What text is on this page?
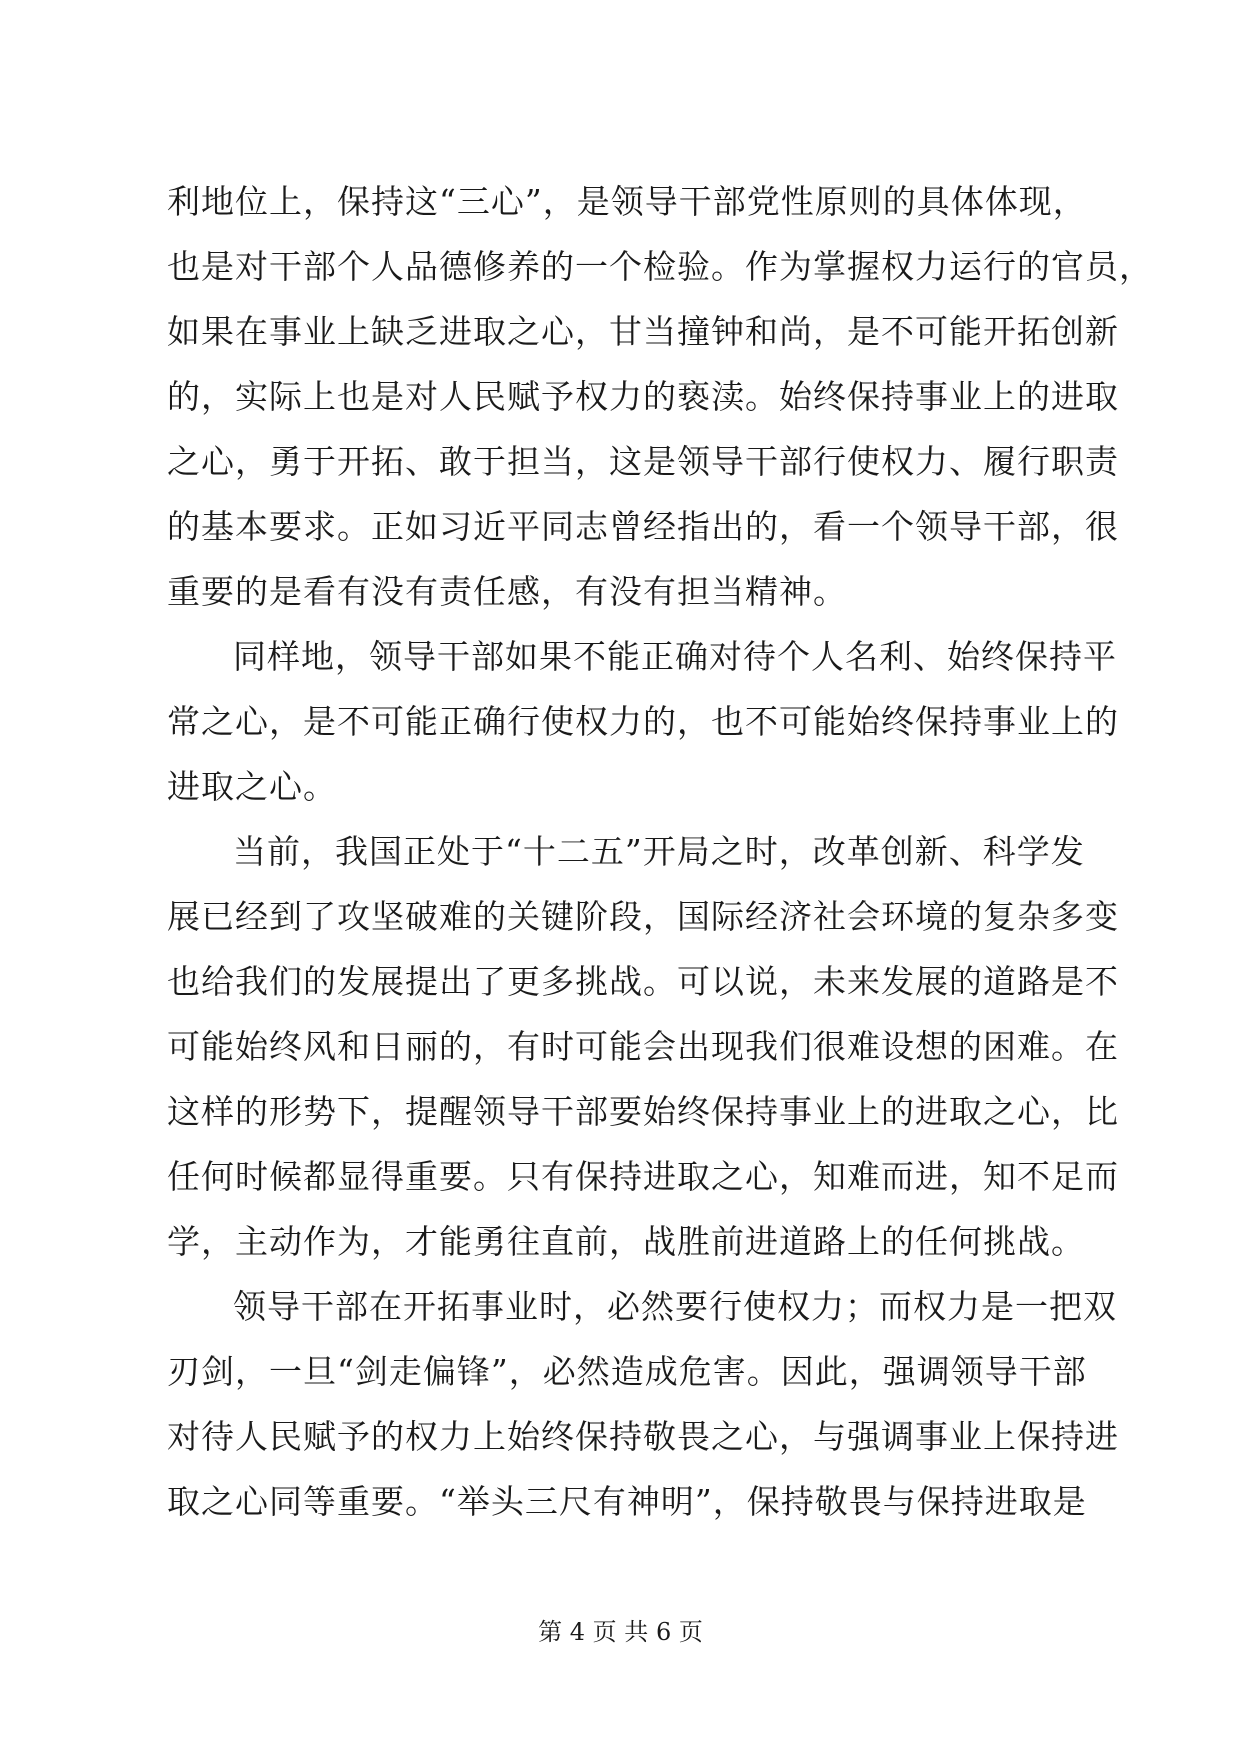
利地位上，保持这“三心”，是领导干部党性原则的具体体现，
也是对干部个人品德修养的一个检验。作为掌握权力运行的官员，
如果在事业上缺乏进取之心，甘当撞钟和尚，是不可能开拓创新
的，实际上也是对人民赋予权力的亵渎。始终保持事业上的进取
之心，勇于开拓、敢于担当，这是领导干部行使权力、履行职责
的基本要求。正如习近平同志曾经指出的，看一个领导干部，很
重要的是看有没有责任感，有没有担当精神。
同样地，领导干部如果不能正确对待个人名利、始终保持平
常之心，是不可能正确行使权力的，也不可能始终保持事业上的
进取之心。
当前，我国正处于“十二五”开局之时，改革创新、科学发
展已经到了攻坚破难的关键阶段，国际经济社会环境的复杂多变
也给我们的发展提出了更多挑战。可以说，未来发展的道路是不
可能始终风和日丽的，有时可能会出现我们很难设想的困难。在
这样的形势下，提醒领导干部要始终保持事业上的进取之心，比
任何时候都显得重要。只有保持进取之心，知难而进，知不足而
学，主动作为，才能勇往直前，战胜前进道路上的任何挑战。
领导干部在开拓事业时，必然要行使权力；而权力是一把双
刃剑，一旦“剑走偏锋”，必然造成危害。因此，强调领导干部
对待人民赋予的权力上始终保持敬畏之心，与强调事业上保持进
取之心同等重要。“举头三尺有神明”，保持敬畏与保持进取是
第 4 页 共 6 页
